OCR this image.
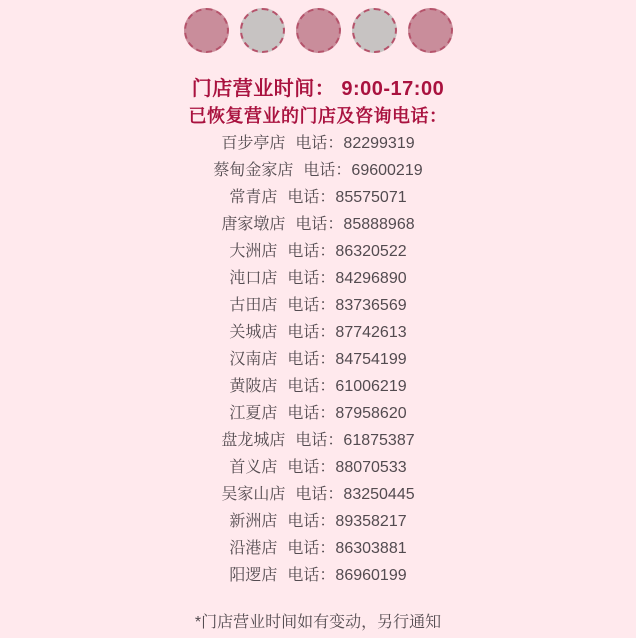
门店营业时间： 9:00-17:00
已恢复营业的门店及咨询电话：
百步亭店 电话：82299319
蔡甸金家店 电话：69600219
常青店 电话：85575071
唐家墩店 电话：85888968
大洲店 电话：86320522
沌口店 电话：84296890
古田店 电话：83736569
关城店 电话：87742613
汉南店 电话：84754199
黄陂店 电话：61006219
江夏店 电话：87958620
盘龙城店 电话：61875387
首义店 电话：88070533
吴家山店 电话：83250445
新洲店 电话：89358217
沿港店 电话：86303881
阳逻店 电话：86960199
*门店营业时间如有变动，另行通知
